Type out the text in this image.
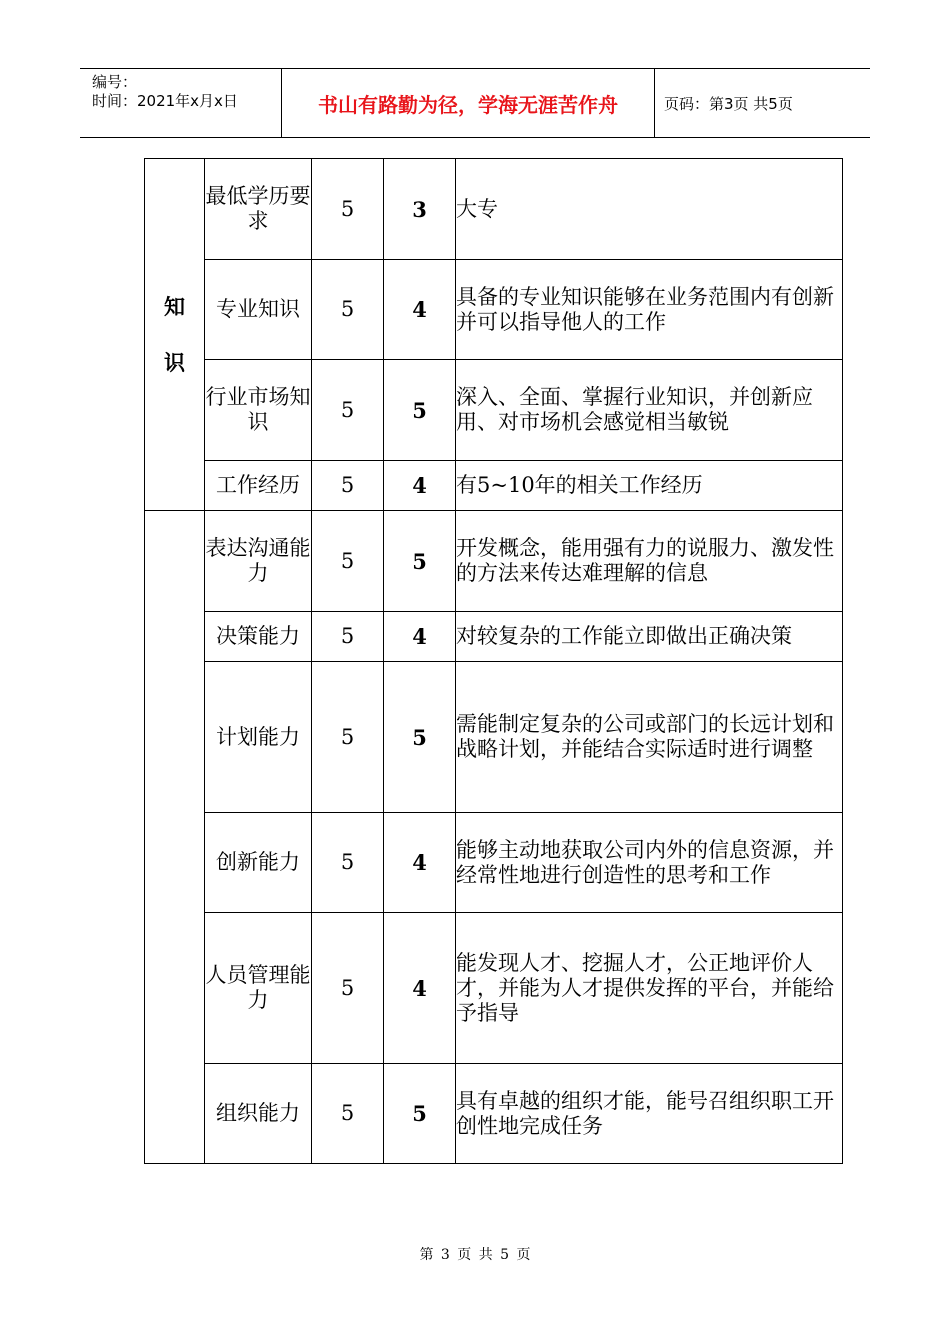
编号：
时间：2021年x月x日	书山有路勤为径，学海无涯苦作舟	页码：第3页 共5页
知识	最低学历要求	5	3	大专
	专业知识	5	4	具备的专业知识能够在业务范围内有创新并可以指导他人的工作
	行业市场知识	5	5	深入、全面、掌握行业知识，并创新应用、对市场机会感觉相当敏锐
	工作经历	5	4	有5~10年的相关工作经历
	表达沟通能力	5	5	开发概念，能用强有力的说服力、激发性的方法来传达难理解的信息
	决策能力	5	4	对较复杂的工作能立即做出正确决策
	计划能力	5	5	需能制定复杂的公司或部门的长远计划和战略计划，并能结合实际适时进行调整
	创新能力	5	4	能够主动地获取公司内外的信息资源，并经常性地进行创造性的思考和工作
	人员管理能力	5	4	能发现人才、挖掘人才，公正地评价人才，并能为人才提供发挥的平台，并能给予指导
	组织能力	5	5	具有卓越的组织才能，能号召组织职工开创性地完成任务
第 3 页 共 5 页
